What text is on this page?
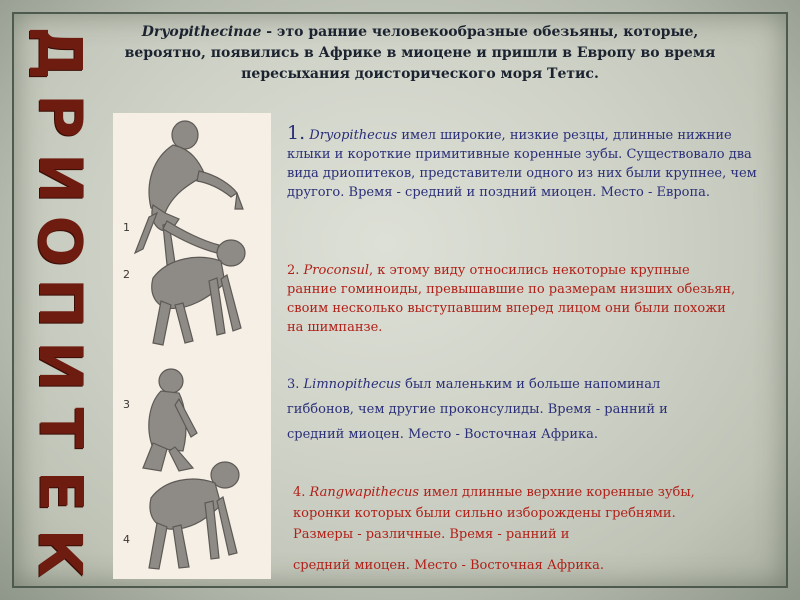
Д
Р
И
О
П
И
Т
Е
К
Dryopithecinae - это ранние человекообразные обезьяны, которые, вероятно, появились в Африке в миоцене и пришли в Европу во время пересыхания доисторического моря Тетис.
1
2
3
4
1. Dryopithecus имел широкие, низкие резцы, длинные нижние клыки и короткие примитивные коренные зубы. Существовало два вида дриопитеков, представители одного из них были крупнее, чем другого. Время - средний и поздний миоцен. Место - Европа.
2. Proconsul, к этому виду относились некоторые крупные ранние гоминоиды, превышавшие по размерам низших обезьян, своим несколько выступавшим вперед лицом они были похожи на шимпанзе.
3. Limnopithecus был маленьким и больше напоминал гиббонов, чем другие проконсулиды. Время - ранний и средний миоцен. Место - Восточная Африка.
4. Rangwapithecus имел длинные верхние коренные зубы, коронки которых были сильно изборождены гребнями. Размеры - различные. Время - ранний и
средний миоцен. Место - Восточная Африка.
